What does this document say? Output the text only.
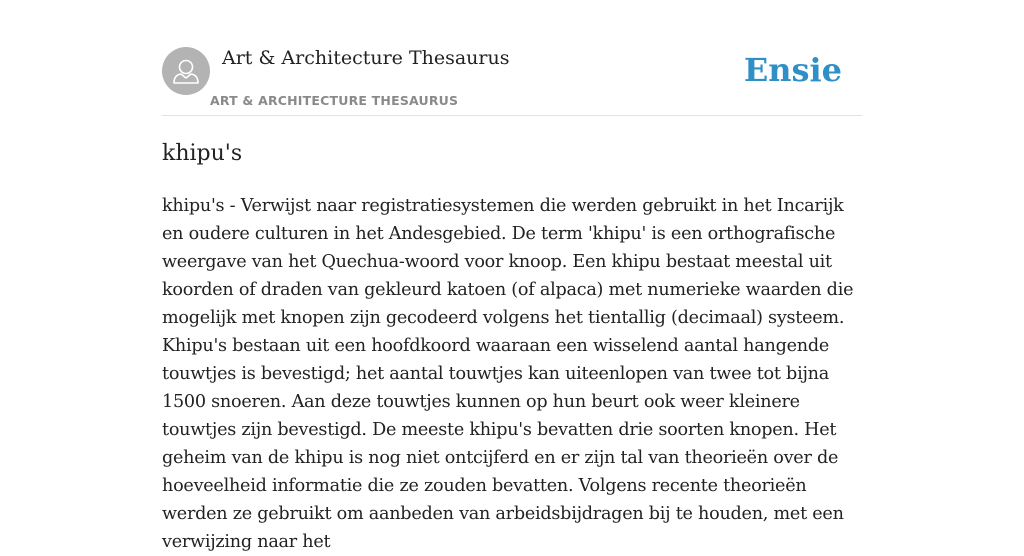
Art & Architecture Thesaurus
ART & ARCHITECTURE THESAURUS
Ensie
khipu's

khipu's - Verwijst naar registratiesystemen die werden gebruikt in het Incarijk en oudere culturen in het Andesgebied. De term 'khipu' is een orthografische weergave van het Quechua-woord voor knoop. Een khipu bestaat meestal uit koorden of draden van gekleurd katoen (of alpaca) met numerieke waarden die mogelijk met knopen zijn gecodeerd volgens het tientallig (decimaal) systeem. Khipu's bestaan uit een hoofdkoord waaraan een wisselend aantal hangende touwtjes is bevestigd; het aantal touwtjes kan uiteenlopen van twee tot bijna 1500 snoeren. Aan deze touwtjes kunnen op hun beurt ook weer kleinere touwtjes zijn bevestigd. De meeste khipu's bevatten drie soorten knopen. Het geheim van de khipu is nog niet ontcijferd en er zijn tal van theorieën over de hoeveelheid informatie die ze zouden bevatten. Volgens recente theorieën werden ze gebruikt om aanbeden van arbeidsbijdragen bij te houden, met een verwijzing naar het
